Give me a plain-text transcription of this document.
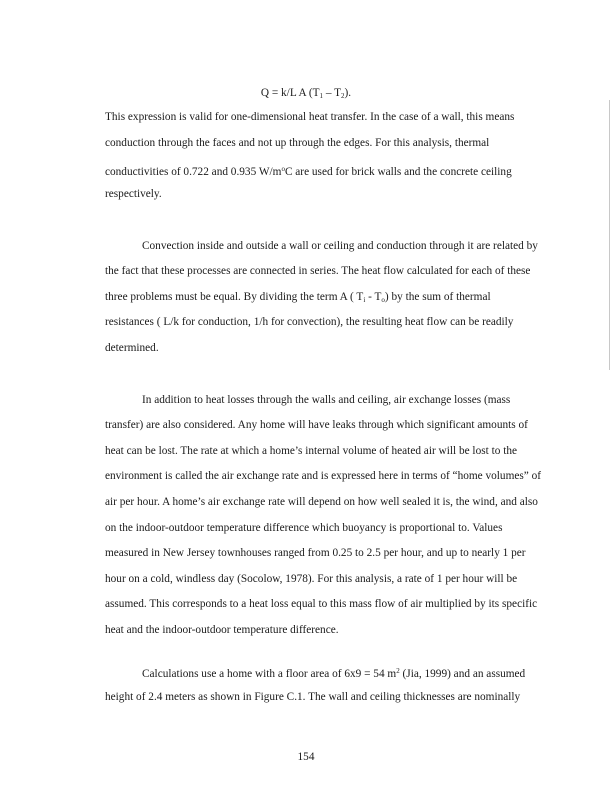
Q = k/L A $(T_1 - T_2)$.
This expression is valid for one-dimensional heat transfer. In the case of a wall, this means
conduction through the faces and not up through the edges. For this analysis, thermal
conductivities of 0.722 and 0.935 $W/m^oC$ are used for brick walls and the concrete ceiling
respectively.
Convection inside and outside a wall or ceiling and conduction through it are related by
the fact that these processes are connected in series. The heat flow calculated for each of these
three problems must be equal. By dividing the term A ( $T_i - T_o$) by the sum of thermal
resistances ( L/k for conduction, 1/h for convection), the resulting heat flow can be readily
determined.
In addition to heat losses through the walls and ceiling, air exchange losses (mass
transfer) are also considered. Any home will have leaks through which significant amounts of
heat can be lost. The rate at which a home’s internal volume of heated air will be lost to the
environment is called the air exchange rate and is expressed here in terms of “home volumes” of
air per hour. A home’s air exchange rate will depend on how well sealed it is, the wind, and also
on the indoor-outdoor temperature difference which buoyancy is proportional to. Values
measured in New Jersey townhouses ranged from 0.25 to 2.5 per hour, and up to nearly 1 per
hour on a cold, windless day (Socolow, 1978). For this analysis, a rate of 1 per hour will be
assumed. This corresponds to a heat loss equal to this mass flow of air multiplied by its specific
heat and the indoor-outdoor temperature difference.
Calculations use a home with a floor area of 6x9 = 54 $m^2$ (Jia, 1999) and an assumed
height of 2.4 meters as shown in Figure C.1. The wall and ceiling thicknesses are nominally
154
